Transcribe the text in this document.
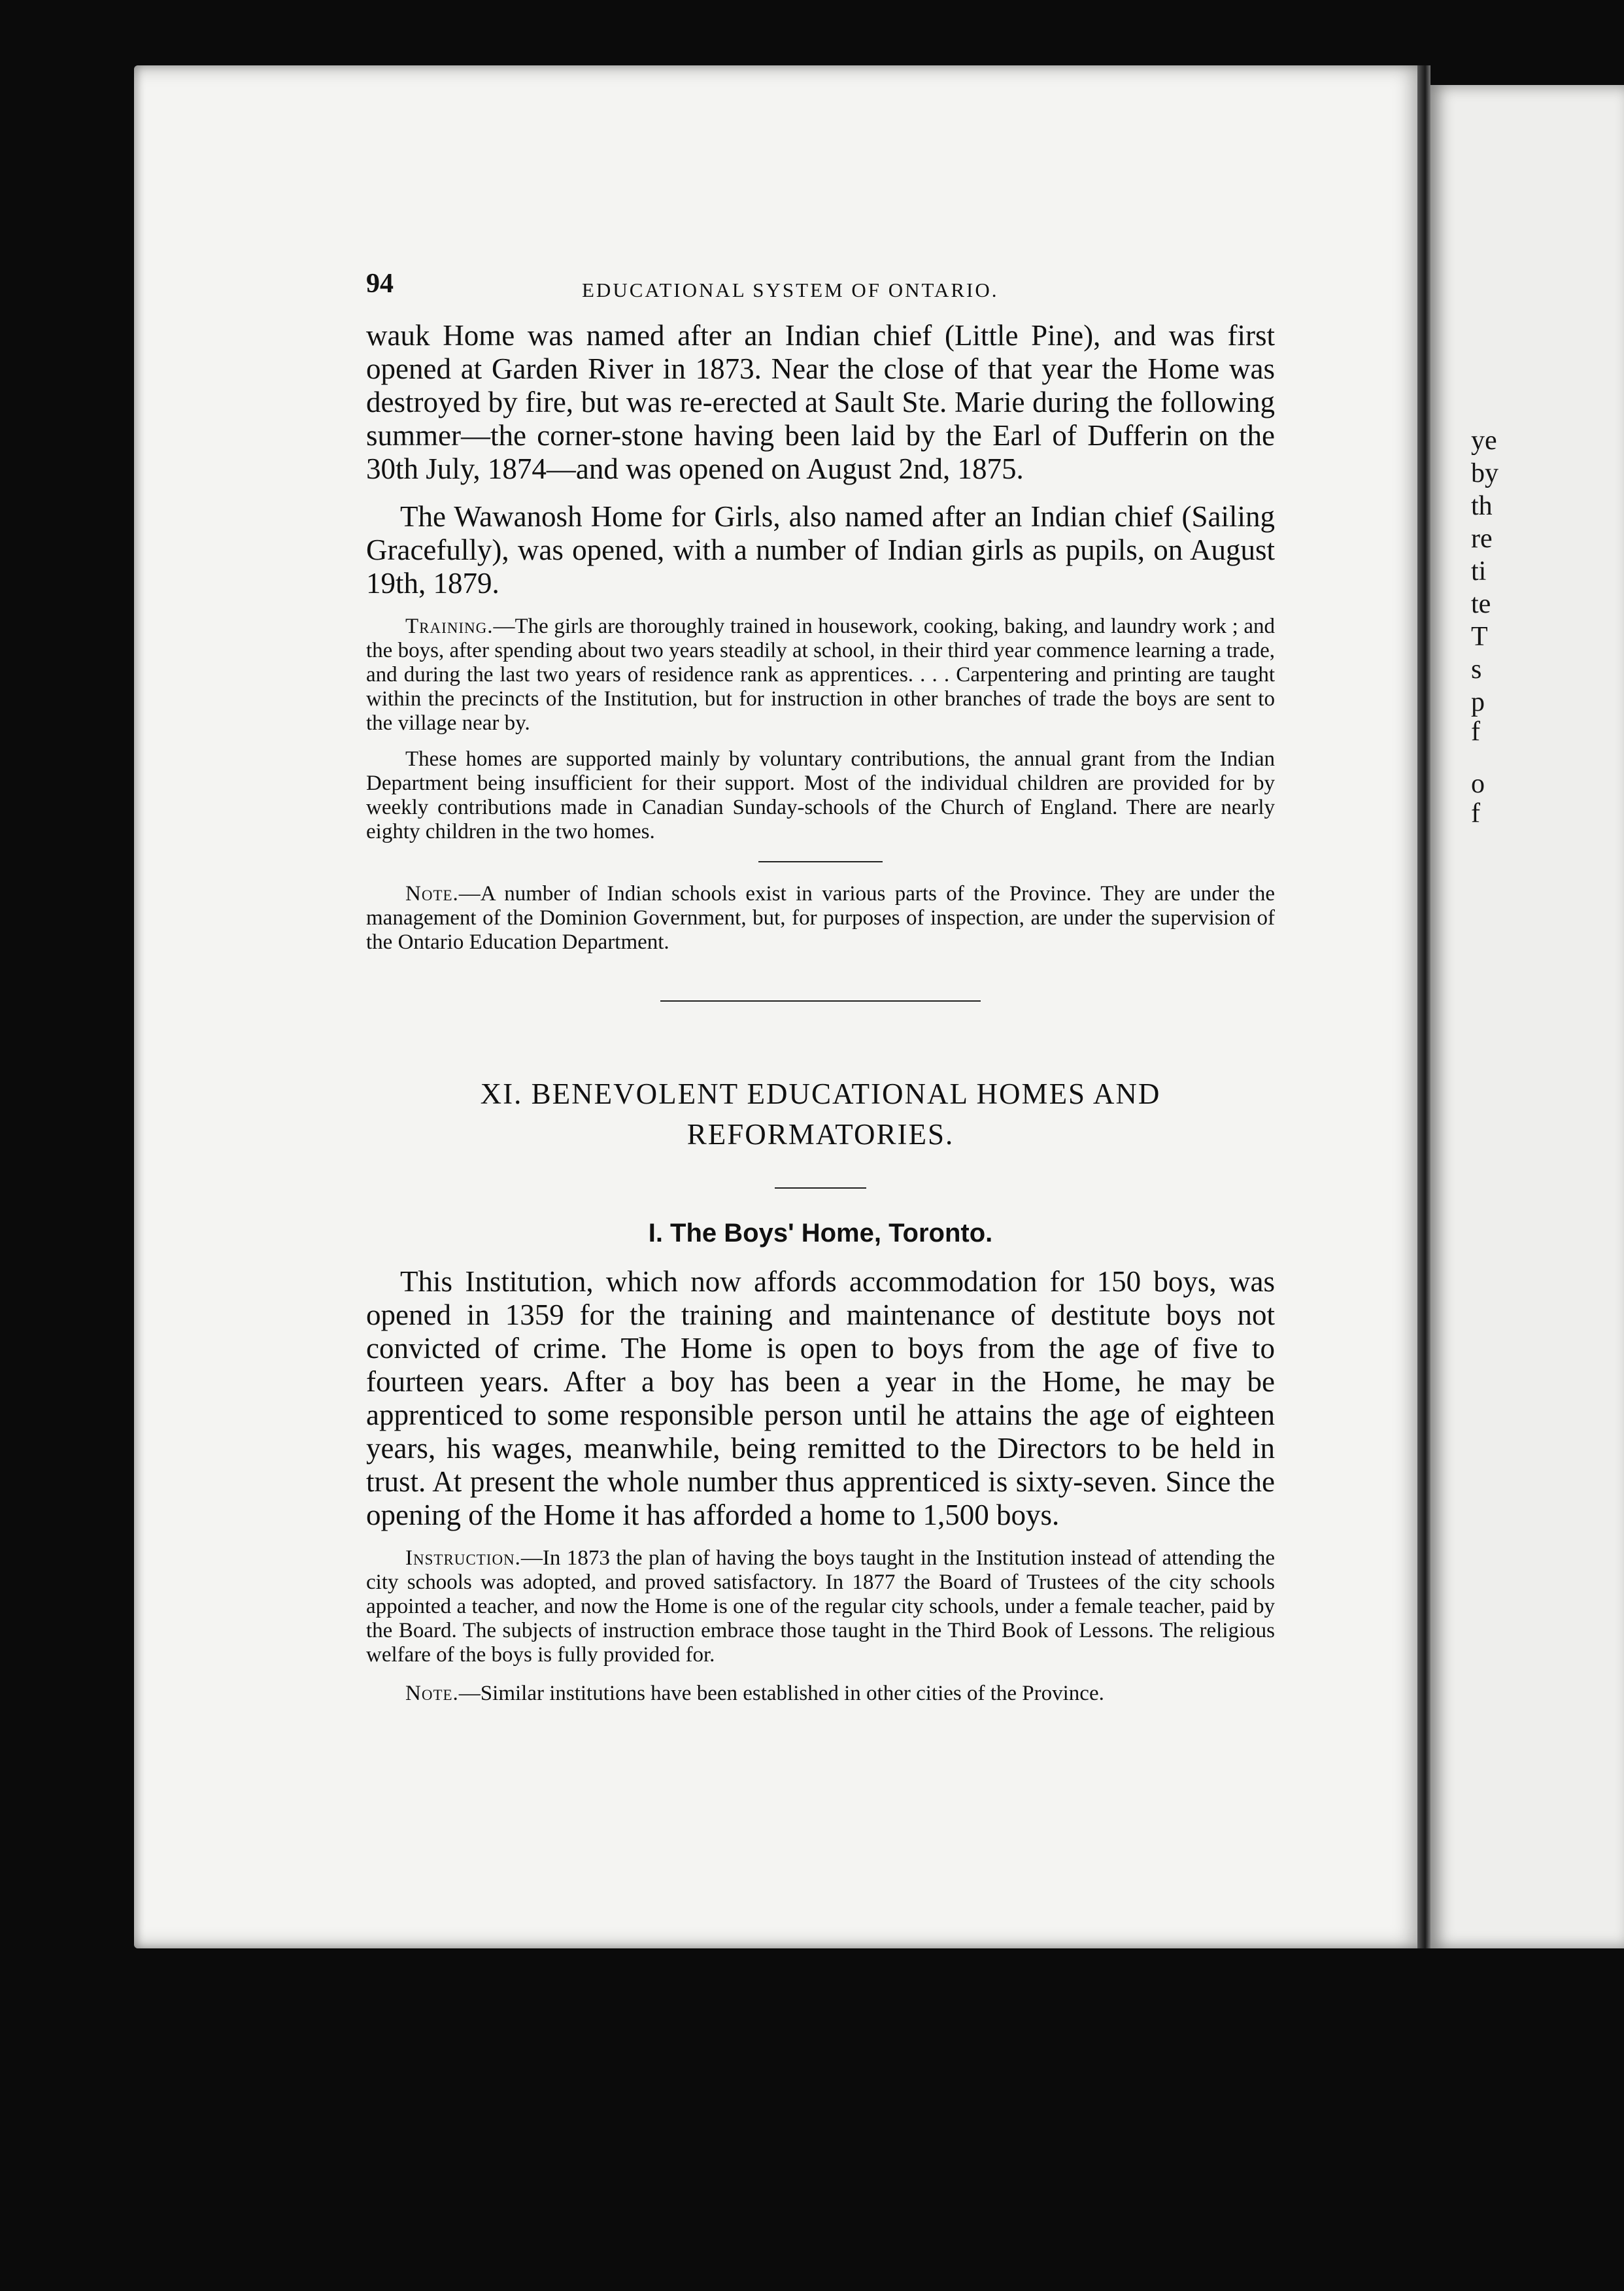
ye
by
th
re
ti
te
T
s
p
f
o
f
94	EDUCATIONAL SYSTEM OF ONTARIO.

wauk Home was named after an Indian chief (Little Pine), and was first opened at Garden River in 1873. Near the close of that year the Home was destroyed by fire, but was re-erected at Sault Ste. Marie during the following summer—the corner-stone having been laid by the Earl of Dufferin on the 30th July, 1874—and was opened on August 2nd, 1875.

The Wawanosh Home for Girls, also named after an Indian chief (Sailing Gracefully), was opened, with a number of Indian girls as pupils, on August 19th, 1879.

Training.—The girls are thoroughly trained in housework, cooking, baking, and laundry work ; and the boys, after spending about two years steadily at school, in their third year commence learning a trade, and during the last two years of residence rank as apprentices. . . . Carpentering and printing are taught within the precincts of the Institution, but for instruction in other branches of trade the boys are sent to the village near by.

These homes are supported mainly by voluntary contributions, the annual grant from the Indian Department being insufficient for their support. Most of the individual children are provided for by weekly contributions made in Canadian Sunday-schools of the Church of England. There are nearly eighty children in the two homes.

Note.—A number of Indian schools exist in various parts of the Province. They are under the management of the Dominion Government, but, for purposes of inspection, are under the supervision of the Ontario Education Department.

XI. BENEVOLENT EDUCATIONAL HOMES AND

REFORMATORIES.

I. The Boys' Home, Toronto.

This Institution, which now affords accommodation for 150 boys, was opened in 1359 for the training and maintenance of destitute boys not convicted of crime. The Home is open to boys from the age of five to fourteen years. After a boy has been a year in the Home, he may be apprenticed to some responsible person until he attains the age of eighteen years, his wages, meanwhile, being remitted to the Directors to be held in trust. At present the whole number thus apprenticed is sixty-seven. Since the opening of the Home it has afforded a home to 1,500 boys.

Instruction.—In 1873 the plan of having the boys taught in the Institution instead of attending the city schools was adopted, and proved satisfactory. In 1877 the Board of Trustees of the city schools appointed a teacher, and now the Home is one of the regular city schools, under a female teacher, paid by the Board. The subjects of instruction embrace those taught in the Third Book of Lessons. The religious welfare of the boys is fully provided for.

Note.—Similar institutions have been established in other cities of the Province.
